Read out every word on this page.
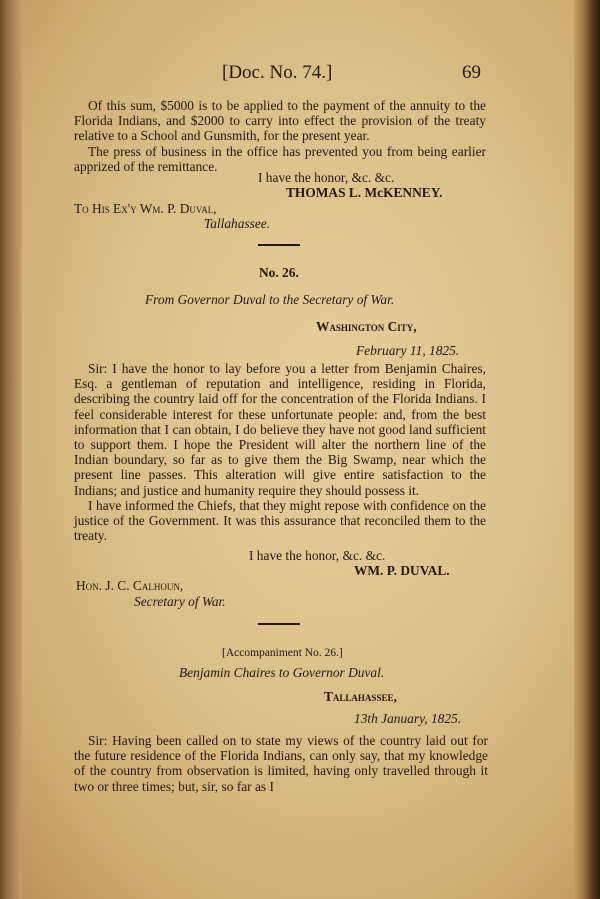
[Doc. No. 74.]	69

Of this sum, $5000 is to be applied to the payment of the annuity to the Florida Indians, and $2000 to carry into effect the provision of the treaty relative to a School and Gunsmith, for the present year.

The press of business in the office has prevented you from being earlier apprized of the remittance.

I have the honor, &c. &c.
THOMAS L. McKENNEY.
To His Ex'y Wm. P. Duval,
Tallahassee.
No. 26.
From Governor Duval to the Secretary of War.
Washington City,
February 11, 1825.

Sir: I have the honor to lay before you a letter from Benjamin Chaires, Esq. a gentleman of reputation and intelligence, residing in Florida, describing the country laid off for the concentration of the Florida Indians. I feel considerable interest for these unfortunate people: and, from the best information that I can obtain, I do believe they have not good land sufficient to support them. I hope the President will alter the northern line of the Indian boundary, so far as to give them the Big Swamp, near which the present line passes. This alteration will give entire satisfaction to the Indians; and justice and humanity require they should possess it.

I have informed the Chiefs, that they might repose with confidence on the justice of the Government. It was this assurance that reconciled them to the treaty.

I have the honor, &c. &c.
WM. P. DUVAL.
Hon. J. C. Calhoun,
Secretary of War.
[Accompaniment No. 26.]
Benjamin Chaires to Governor Duval.
Tallahassee,
13th January, 1825.

Sir: Having been called on to state my views of the country laid out for the future residence of the Florida Indians, can only say, that my knowledge of the country from observation is limited, having only travelled through it two or three times; but, sir, so far as I
